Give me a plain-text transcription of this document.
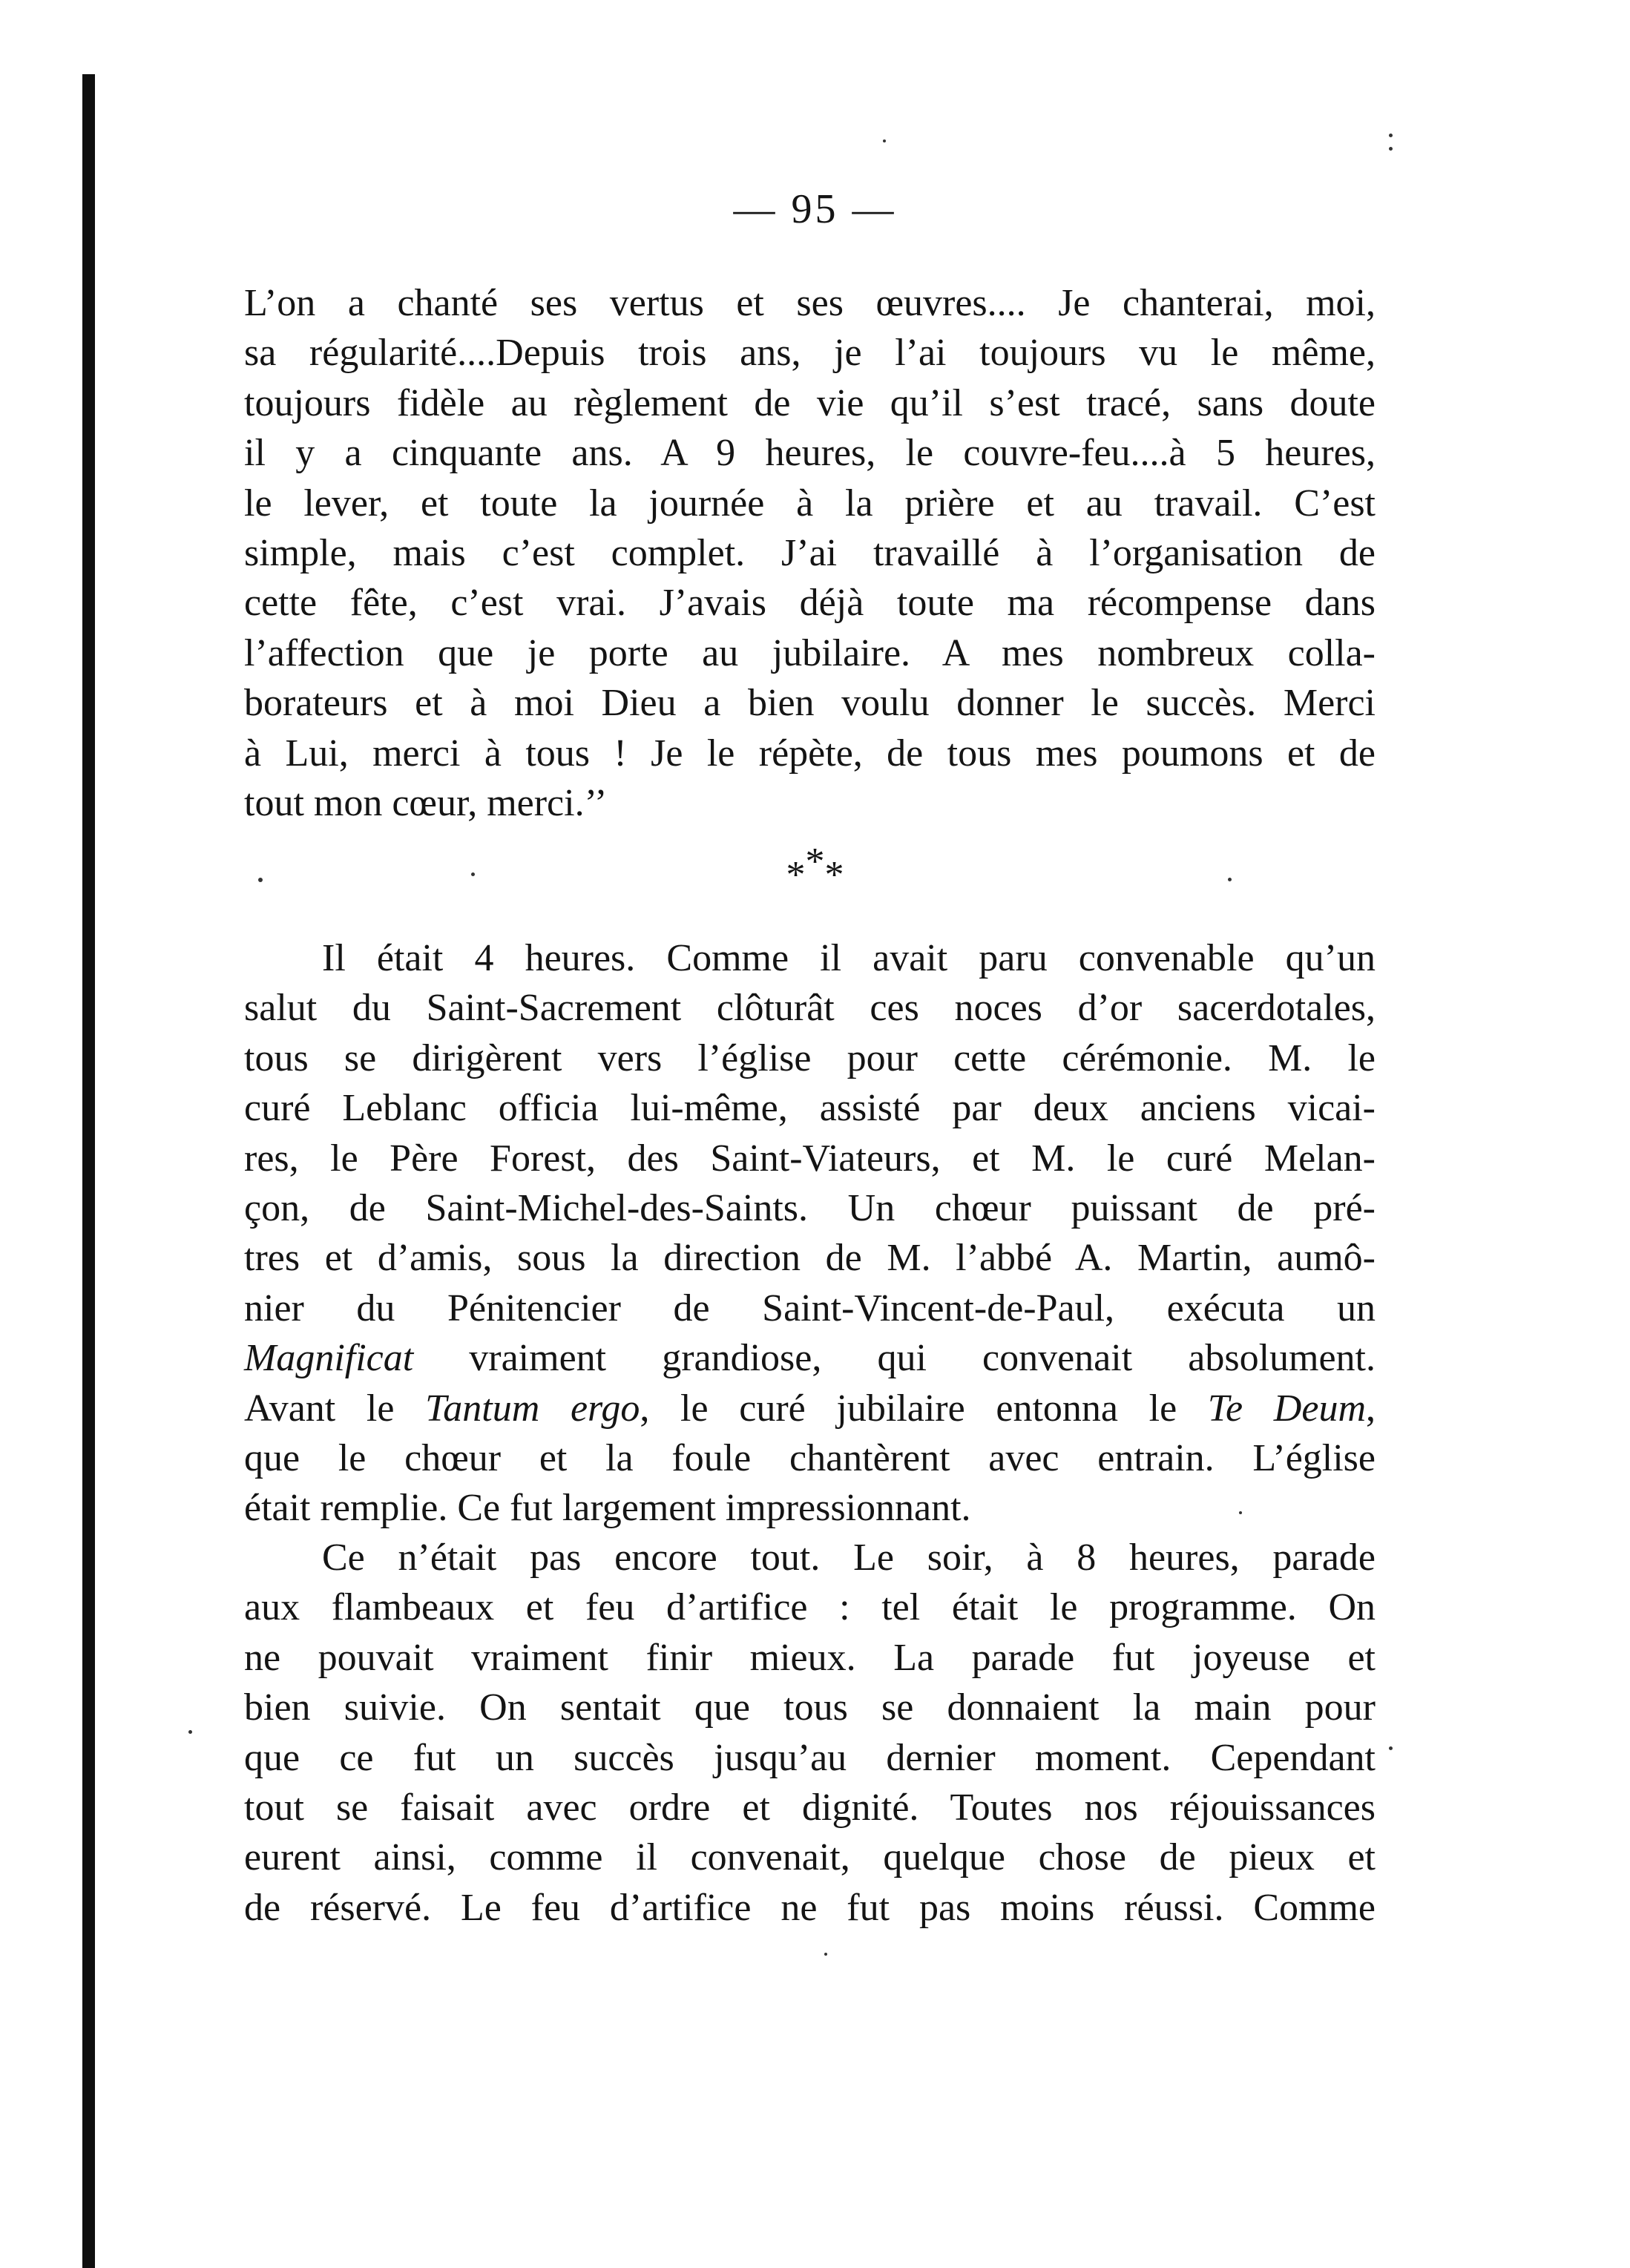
— 95 —
L’on a chanté ses vertus et ses œuvres.... Je chanterai, moi,
sa régularité....Depuis trois ans, je l’ai toujours vu le même,
toujours fidèle au règlement de vie qu’il s’est tracé, sans doute
il y a cinquante ans. A 9 heures, le couvre-feu....à 5 heures,
le lever, et toute la journée à la prière et au travail. C’est
simple, mais c’est complet. J’ai travaillé à l’organisation de
cette fête, c’est vrai. J’avais déjà toute ma récompense dans
l’affection que je porte au jubilaire. A mes nombreux colla-
borateurs et à moi Dieu a bien voulu donner le succès. Merci
à Lui, merci à tous ! Je le répète, de tous mes poumons et de
tout mon cœur, merci.’’
***
Il était 4 heures. Comme il avait paru convenable qu’un
salut du Saint-Sacrement clôturât ces noces d’or sacerdotales,
tous se dirigèrent vers l’église pour cette cérémonie. M. le
curé Leblanc officia lui-même, assisté par deux anciens vicai-
res, le Père Forest, des Saint-Viateurs, et M. le curé Melan-
çon, de Saint-Michel-des-Saints. Un chœur puissant de pré-
tres et d’amis, sous la direction de M. l’abbé A. Martin, aumô-
nier du Pénitencier de Saint-Vincent-de-Paul, exécuta un
Magnificat vraiment grandiose, qui convenait absolument.
Avant le Tantum ergo, le curé jubilaire entonna le Te Deum,
que le chœur et la foule chantèrent avec entrain. L’église
était remplie. Ce fut largement impressionnant.
Ce n’était pas encore tout. Le soir, à 8 heures, parade
aux flambeaux et feu d’artifice : tel était le programme. On
ne pouvait vraiment finir mieux. La parade fut joyeuse et
bien suivie. On sentait que tous se donnaient la main pour
que ce fut un succès jusqu’au dernier moment. Cependant
tout se faisait avec ordre et dignité. Toutes nos réjouissances
eurent ainsi, comme il convenait, quelque chose de pieux et
de réservé. Le feu d’artifice ne fut pas moins réussi. Comme
